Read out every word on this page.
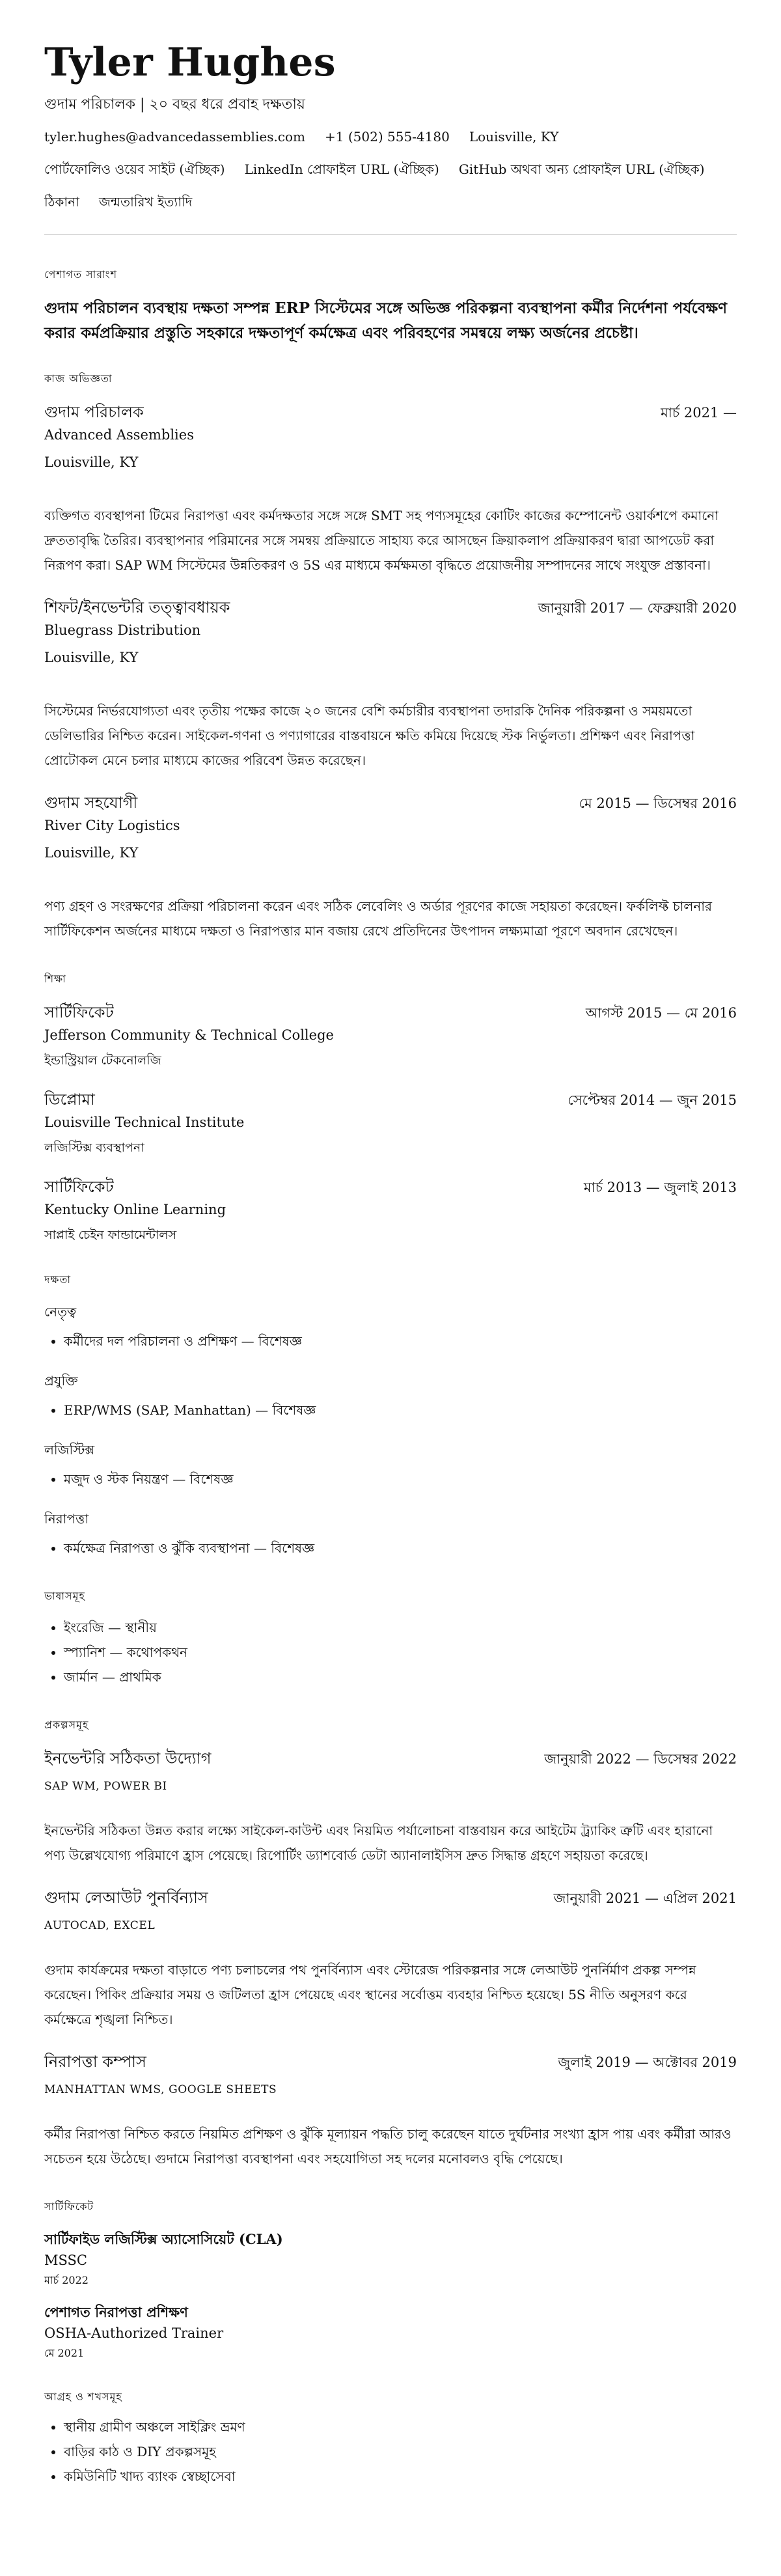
Tyler Hughes
গুদাম পরিচালক | ২০ বছর ধরে প্রবাহ দক্ষতায়
tyler.hughes@advancedassemblies.com +1 (502) 555-4180 Louisville, KY
পোর্টফোলিও ওয়েব সাইট (ঐচ্ছিক) LinkedIn প্রোফাইল URL (ঐচ্ছিক) GitHub অথবা অন্য প্রোফাইল URL (ঐচ্ছিক)
ঠিকানা জন্মতারিখ ইত্যাদি
পেশাগত সারাংশ
গুদাম পরিচালন ব্যবস্থায় দক্ষতা সম্পন্ন ERP সিস্টেমের সঙ্গে অভিজ্ঞ পরিকল্পনা ব্যবস্থাপনা কর্মীর নির্দেশনা পর্যবেক্ষণ করার কর্মপ্রক্রিয়ার প্রস্তুতি সহকারে দক্ষতাপূর্ণ কর্মক্ষেত্র এবং পরিবহণের সমন্বয়ে লক্ষ্য অর্জনের প্রচেষ্টা।
কাজ অভিজ্ঞতা
গুদাম পরিচালক	মার্চ 2021 —
Advanced Assemblies
Louisville, KY
ব্যক্তিগত ব্যবস্থাপনা টিমের নিরাপত্তা এবং কর্মদক্ষতার সঙ্গে সঙ্গে SMT সহ পণ্যসমূহের কোটিং কাজের কম্পোনেন্ট ওয়ার্কশপে কমানো দ্রুততাবৃদ্ধি তৈরির। ব্যবস্থাপনার পরিমানের সঙ্গে সমন্বয় প্রক্রিয়াতে সাহায্য করে আসছেন ক্রিয়াকলাপ প্রক্রিয়াকরণ দ্বারা আপডেট করা নিরূপণ করা। SAP WM সিস্টেমের উন্নতিকরণ ও 5S এর মাধ্যমে কর্মক্ষমতা বৃদ্ধিতে প্রয়োজনীয় সম্পাদনের সাথে সংযুক্ত প্রস্তাবনা।
শিফট/ইনভেন্টরি তত্ত্বাবধায়ক	জানুয়ারী 2017 — ফেব্রুয়ারী 2020
Bluegrass Distribution
Louisville, KY
সিস্টেমের নির্ভরযোগ্যতা এবং তৃতীয় পক্ষের কাজে ২০ জনের বেশি কর্মচারীর ব্যবস্থাপনা তদারকি দৈনিক পরিকল্পনা ও সময়মতো ডেলিভারির নিশ্চিত করেন। সাইকেল-গণনা ও পণ্যাগারের বাস্তবায়নে ক্ষতি কমিয়ে দিয়েছে স্টক নির্ভুলতা। প্রশিক্ষণ এবং নিরাপত্তা প্রোটোকল মেনে চলার মাধ্যমে কাজের পরিবেশ উন্নত করেছেন।
গুদাম সহযোগী	মে 2015 — ডিসেম্বর 2016
River City Logistics
Louisville, KY
পণ্য গ্রহণ ও সংরক্ষণের প্রক্রিয়া পরিচালনা করেন এবং সঠিক লেবেলিং ও অর্ডার পূরণের কাজে সহায়তা করেছেন। ফর্কলিফ্ট চালনার সার্টিফিকেশন অর্জনের মাধ্যমে দক্ষতা ও নিরাপত্তার মান বজায় রেখে প্রতিদিনের উৎপাদন লক্ষ্যমাত্রা পূরণে অবদান রেখেছেন।
শিক্ষা
সার্টিফিকেট	আগস্ট 2015 — মে 2016
Jefferson Community & Technical College
ইন্ডাস্ট্রিয়াল টেকনোলজি
ডিপ্লোমা	সেপ্টেম্বর 2014 — জুন 2015
Louisville Technical Institute
লজিস্টিক্স ব্যবস্থাপনা
সার্টিফিকেট	মার্চ 2013 — জুলাই 2013
Kentucky Online Learning
সাপ্লাই চেইন ফান্ডামেন্টালস
দক্ষতা
নেতৃত্ব
• কর্মীদের দল পরিচালনা ও প্রশিক্ষণ — বিশেষজ্ঞ
প্রযুক্তি
• ERP/WMS (SAP, Manhattan) — বিশেষজ্ঞ
লজিস্টিক্স
• মজুদ ও স্টক নিয়ন্ত্রণ — বিশেষজ্ঞ
নিরাপত্তা
• কর্মক্ষেত্র নিরাপত্তা ও ঝুঁকি ব্যবস্থাপনা — বিশেষজ্ঞ
ভাষাসমূহ
• ইংরেজি — স্থানীয়
• স্প্যানিশ — কথোপকথন
• জার্মান — প্রাথমিক
প্রকল্পসমূহ
ইনভেন্টরি সঠিকতা উদ্যোগ	জানুয়ারী 2022 — ডিসেম্বর 2022
SAP WM, POWER BI
ইনভেন্টরি সঠিকতা উন্নত করার লক্ষ্যে সাইকেল-কাউন্ট এবং নিয়মিত পর্যালোচনা বাস্তবায়ন করে আইটেম ট্র্যাকিং ত্রুটি এবং হারানো পণ্য উল্লেখযোগ্য পরিমাণে হ্রাস পেয়েছে। রিপোর্টিং ড্যাশবোর্ড ডেটা অ্যানালাইসিস দ্রুত সিদ্ধান্ত গ্রহণে সহায়তা করেছে।
গুদাম লেআউট পুনর্বিন্যাস	জানুয়ারী 2021 — এপ্রিল 2021
AUTOCAD, EXCEL
গুদাম কার্যক্রমের দক্ষতা বাড়াতে পণ্য চলাচলের পথ পুনর্বিন্যাস এবং স্টোরেজ পরিকল্পনার সঙ্গে লেআউট পুনর্নির্মাণ প্রকল্প সম্পন্ন করেছেন। পিকিং প্রক্রিয়ার সময় ও জটিলতা হ্রাস পেয়েছে এবং স্থানের সর্বোত্তম ব্যবহার নিশ্চিত হয়েছে। 5S নীতি অনুসরণ করে কর্মক্ষেত্রে শৃঙ্খলা নিশ্চিত।
নিরাপত্তা কম্পাস	জুলাই 2019 — অক্টোবর 2019
MANHATTAN WMS, GOOGLE SHEETS
কর্মীর নিরাপত্তা নিশ্চিত করতে নিয়মিত প্রশিক্ষণ ও ঝুঁকি মূল্যায়ন পদ্ধতি চালু করেছেন যাতে দুর্ঘটনার সংখ্যা হ্রাস পায় এবং কর্মীরা আরও সচেতন হয়ে উঠেছে। গুদামে নিরাপত্তা ব্যবস্থাপনা এবং সহযোগিতা সহ দলের মনোবলও বৃদ্ধি পেয়েছে।
সার্টিফিকেট
সার্টিফাইড লজিস্টিক্স অ্যাসোসিয়েট (CLA)
MSSC
মার্চ 2022
পেশাগত নিরাপত্তা প্রশিক্ষণ
OSHA-Authorized Trainer
মে 2021
আগ্রহ ও শখসমূহ
• স্থানীয় গ্রামীণ অঞ্চলে সাইক্লিং ভ্রমণ
• বাড়ির কাঠ ও DIY প্রকল্পসমূহ
• কমিউনিটি খাদ্য ব্যাংক স্বেচ্ছাসেবা
